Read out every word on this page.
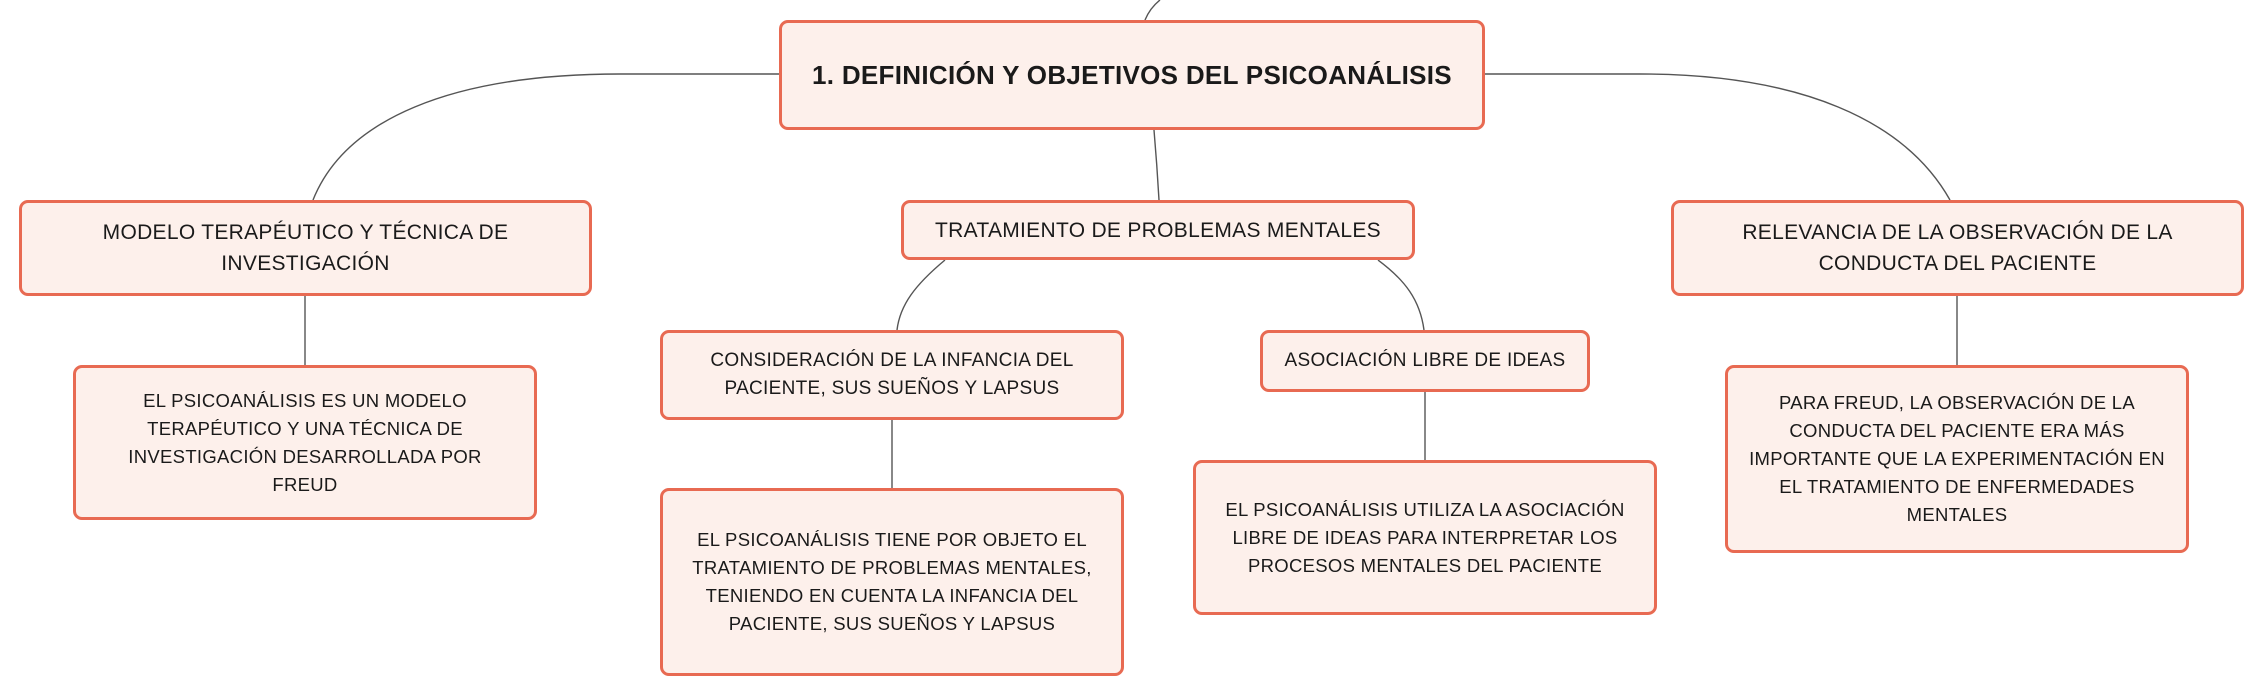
1. DEFINICIÓN Y OBJETIVOS DEL PSICOANÁLISIS
MODELO TERAPÉUTICO Y TÉCNICA DE INVESTIGACIÓN
EL PSICOANÁLISIS ES UN MODELO TERAPÉUTICO Y UNA TÉCNICA DE INVESTIGACIÓN DESARROLLADA POR FREUD
TRATAMIENTO DE PROBLEMAS MENTALES
CONSIDERACIÓN DE LA INFANCIA DEL PACIENTE, SUS SUEÑOS Y LAPSUS
EL PSICOANÁLISIS TIENE POR OBJETO EL TRATAMIENTO DE PROBLEMAS MENTALES, TENIENDO EN CUENTA LA INFANCIA DEL PACIENTE, SUS SUEÑOS Y LAPSUS
ASOCIACIÓN LIBRE DE IDEAS
EL PSICOANÁLISIS UTILIZA LA ASOCIACIÓN LIBRE DE IDEAS PARA INTERPRETAR LOS PROCESOS MENTALES DEL PACIENTE
RELEVANCIA DE LA OBSERVACIÓN DE LA CONDUCTA DEL PACIENTE
PARA FREUD, LA OBSERVACIÓN DE LA CONDUCTA DEL PACIENTE ERA MÁS IMPORTANTE QUE LA EXPERIMENTACIÓN EN EL TRATAMIENTO DE ENFERMEDADES MENTALES
